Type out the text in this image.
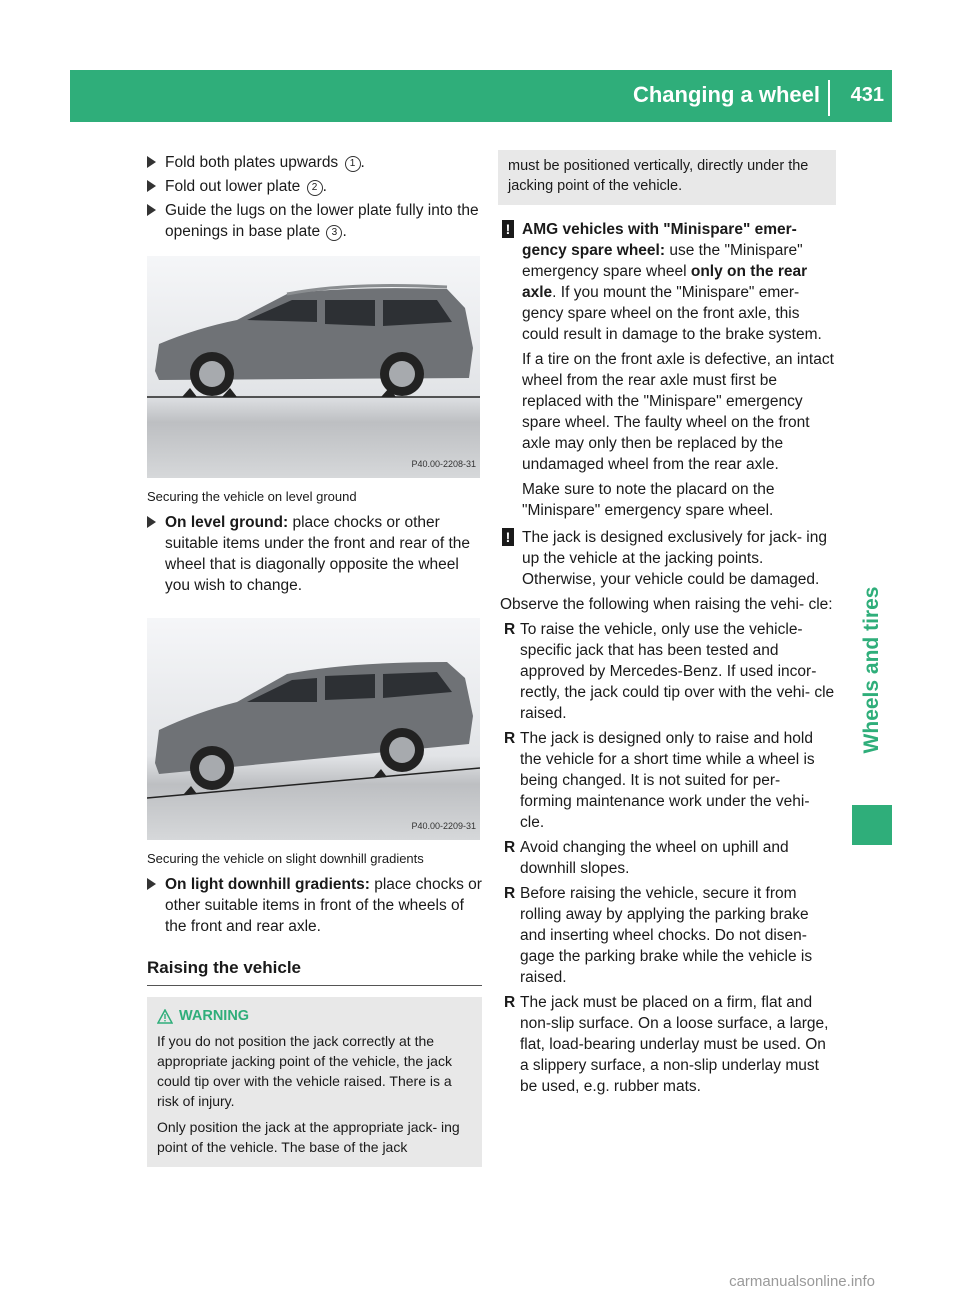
Changing a wheel 431
Wheels and tires
Fold both plates upwards 1 .
Fold out lower plate 2 .
Guide the lugs on the lower plate fully into the openings in base plate 3 .
P40.00-2208-31
Securing the vehicle on level ground
On level ground: place chocks or other suitable items under the front and rear of the wheel that is diagonally opposite the wheel you wish to change.
P40.00-2209-31
Securing the vehicle on slight downhill gradients
On light downhill gradients: place chocks or other suitable items in front of the wheels of the front and rear axle.
Raising the vehicle
WARNING

If you do not position the jack correctly at the appropriate jacking point of the vehicle, the jack could tip over with the vehicle raised. There is a risk of injury.

Only position the jack at the appropriate jack- ing point of the vehicle. The base of the jack

must be positioned vertically, directly under the jacking point of the vehicle.
! AMG vehicles with "Minispare" emer- gency spare wheel: use the "Minispare" emergency spare wheel only on the rear axle. If you mount the "Minispare" emer- gency spare wheel on the front axle, this could result in damage to the brake system.

If a tire on the front axle is defective, an intact wheel from the rear axle must first be replaced with the "Minispare" emergency spare wheel. The faulty wheel on the front axle may only then be replaced by the undamaged wheel from the rear axle.

Make sure to note the placard on the "Minispare" emergency spare wheel.

! The jack is designed exclusively for jack- ing up the vehicle at the jacking points. Otherwise, your vehicle could be damaged.

Observe the following when raising the vehi- cle:
R To raise the vehicle, only use the vehicle- specific jack that has been tested and approved by Mercedes-Benz. If used incor- rectly, the jack could tip over with the vehi- cle raised.
R The jack is designed only to raise and hold the vehicle for a short time while a wheel is being changed. It is not suited for per- forming maintenance work under the vehi- cle.
R Avoid changing the wheel on uphill and downhill slopes.
R Before raising the vehicle, secure it from rolling away by applying the parking brake and inserting wheel chocks. Do not disen- gage the parking brake while the vehicle is raised.
R The jack must be placed on a firm, flat and non-slip surface. On a loose surface, a large, flat, load-bearing underlay must be used. On a slippery surface, a non-slip underlay must be used, e.g. rubber mats.
carmanualsonline.info
